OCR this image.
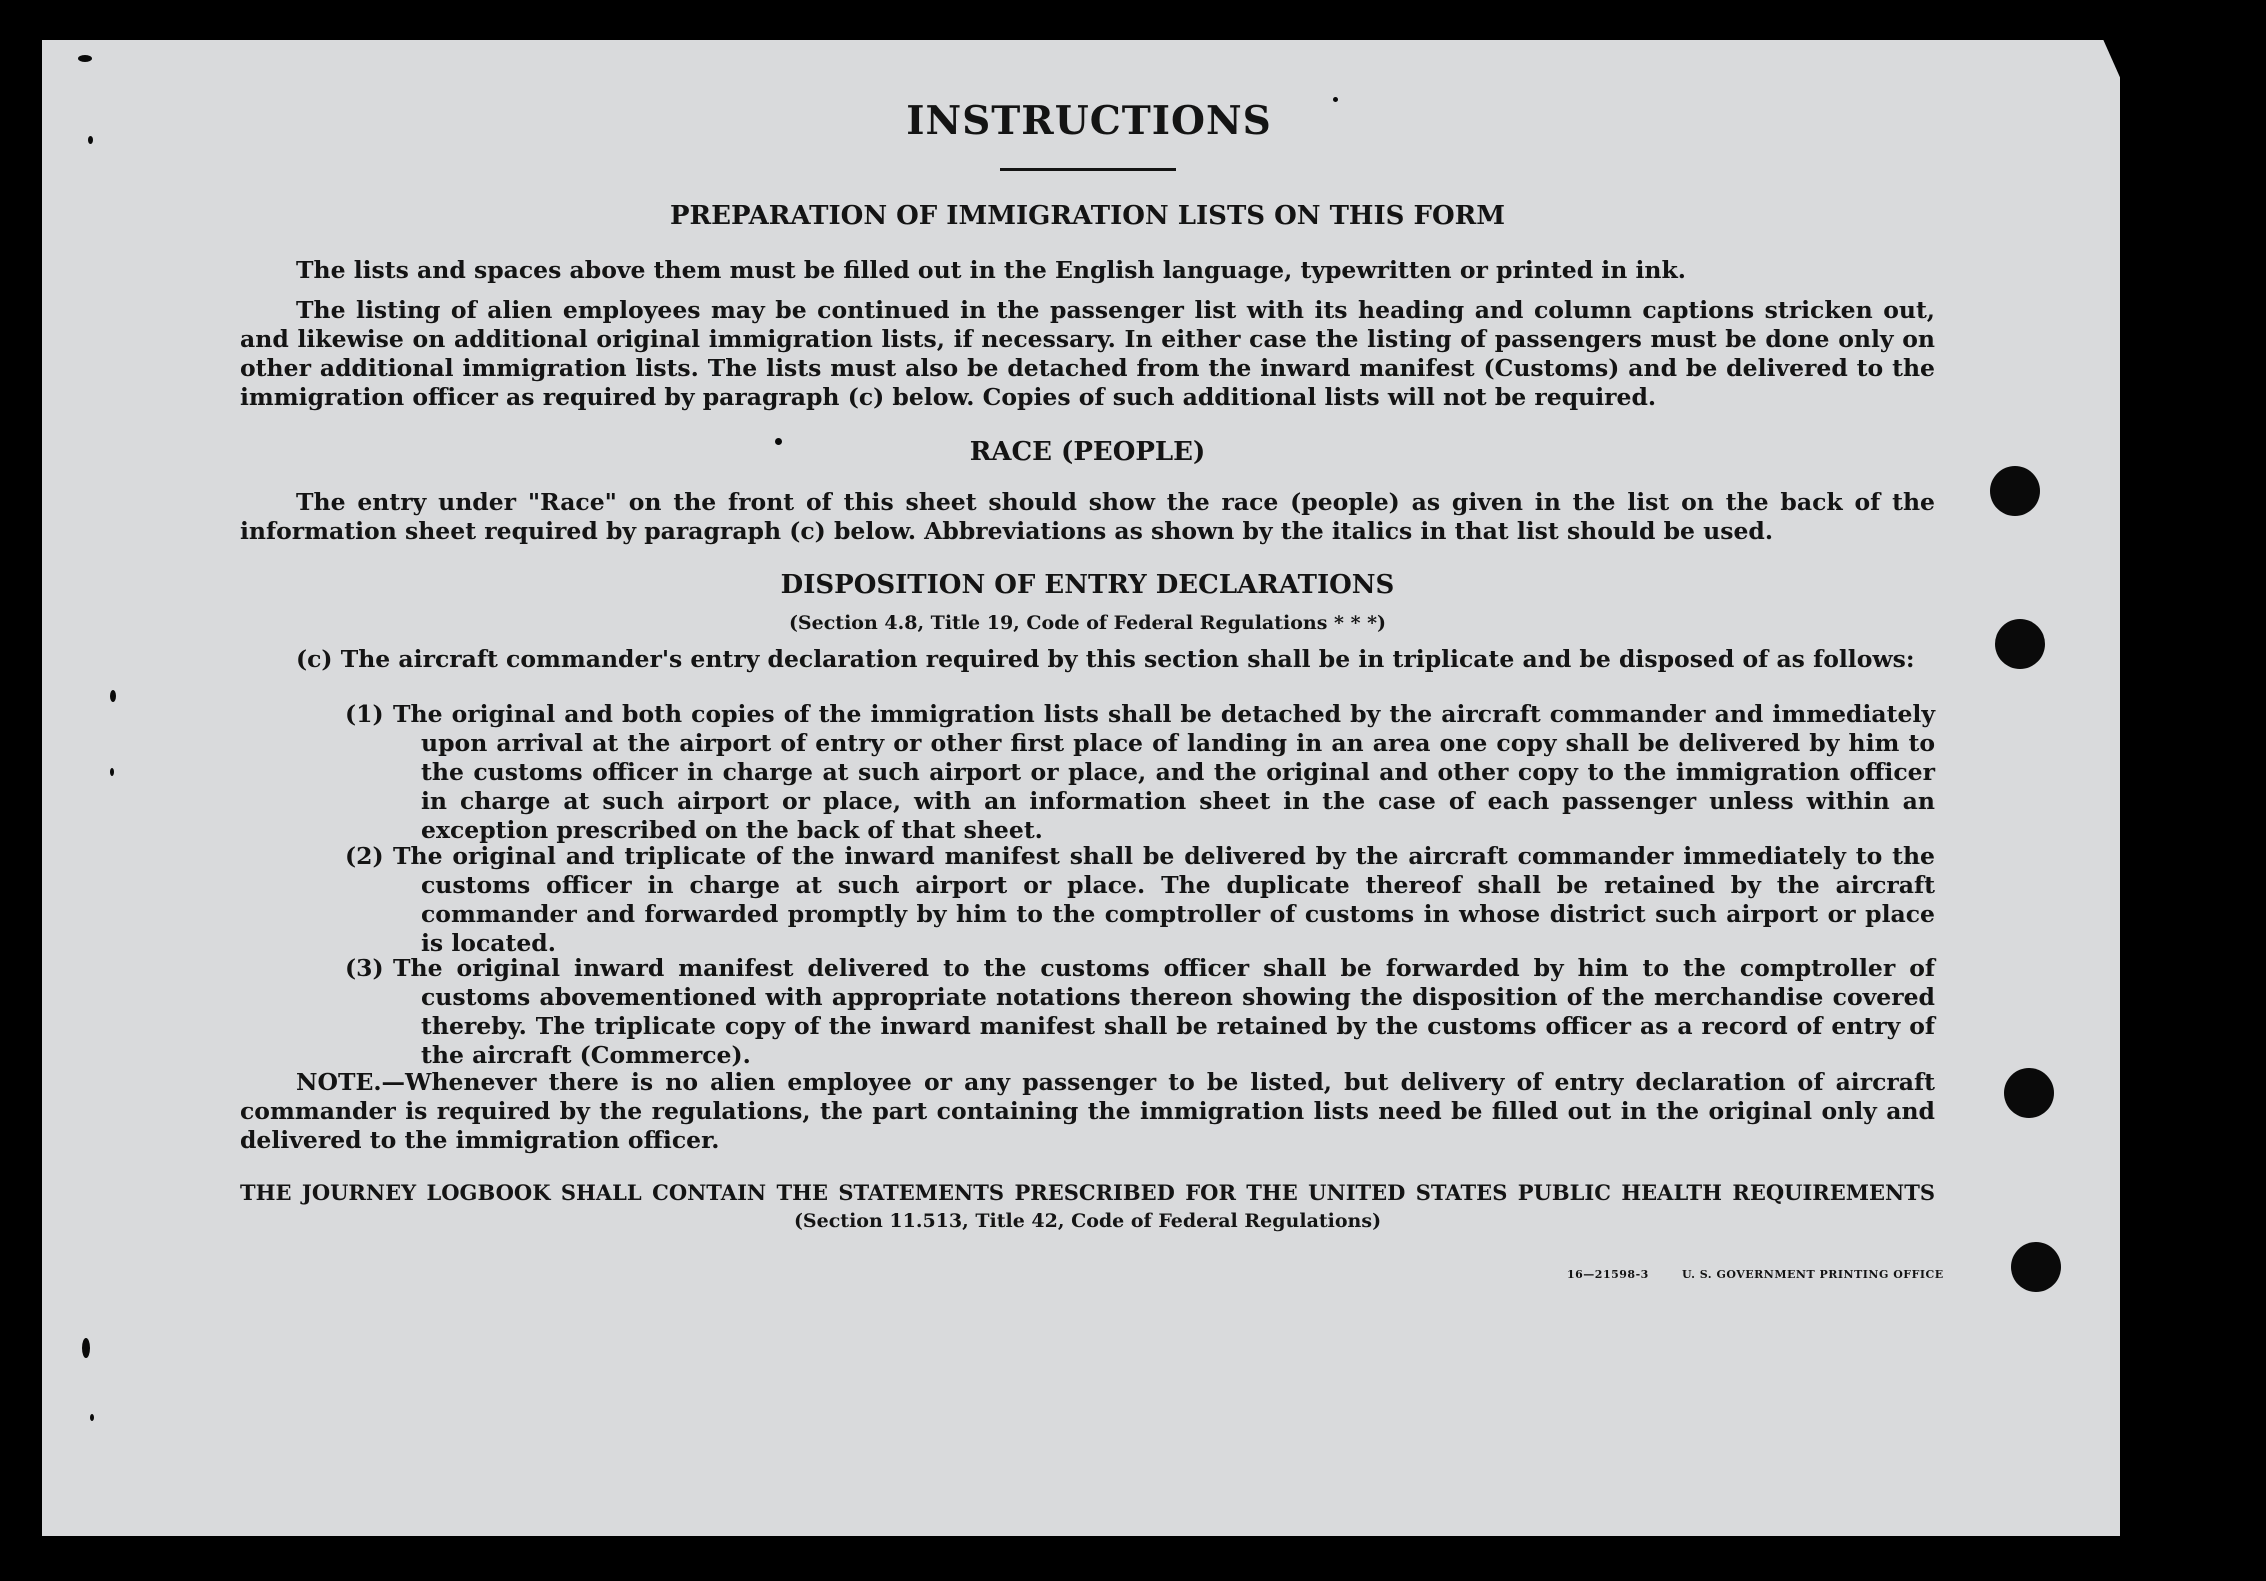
INSTRUCTIONS
PREPARATION OF IMMIGRATION LISTS ON THIS FORM

The lists and spaces above them must be filled out in the English language, typewritten or printed in ink.

The listing of alien employees may be continued in the passenger list with its heading and column captions stricken out, and likewise on additional original immigration lists, if necessary. In either case the listing of passengers must be done only on other additional immigration lists. The lists must also be detached from the inward manifest (Customs) and be delivered to the immigration officer as required by paragraph (c) below. Copies of such additional lists will not be required.

RACE (PEOPLE)

The entry under "Race" on the front of this sheet should show the race (people) as given in the list on the back of the information sheet required by paragraph (c) below. Abbreviations as shown by the italics in that list should be used.

DISPOSITION OF ENTRY DECLARATIONS
(Section 4.8, Title 19, Code of Federal Regulations * * *)

(c) The aircraft commander's entry declaration required by this section shall be in triplicate and be disposed of as follows:

(1) The original and both copies of the immigration lists shall be detached by the aircraft commander and immediately upon arrival at the airport of entry or other first place of landing in an area one copy shall be delivered by him to the customs officer in charge at such airport or place, and the original and other copy to the immigration officer in charge at such airport or place, with an information sheet in the case of each passenger unless within an exception prescribed on the back of that sheet.

(2) The original and triplicate of the inward manifest shall be delivered by the aircraft commander immediately to the customs officer in charge at such airport or place. The duplicate thereof shall be retained by the aircraft commander and forwarded promptly by him to the comptroller of customs in whose district such airport or place is located.

(3) The original inward manifest delivered to the customs officer shall be forwarded by him to the comptroller of customs abovementioned with appropriate notations thereon showing the disposition of the merchandise covered thereby. The triplicate copy of the inward manifest shall be retained by the customs officer as a record of entry of the aircraft (Commerce).

NOTE.—Whenever there is no alien employee or any passenger to be listed, but delivery of entry declaration of aircraft commander is required by the regulations, the part containing the immigration lists need be filled out in the original only and delivered to the immigration officer.

THE JOURNEY LOGBOOK SHALL CONTAIN THE STATEMENTS PRESCRIBED FOR THE UNITED STATES PUBLIC HEALTH REQUIREMENTS
(Section 11.513, Title 42, Code of Federal Regulations)
16—21598-3	U. S. GOVERNMENT PRINTING OFFICE
